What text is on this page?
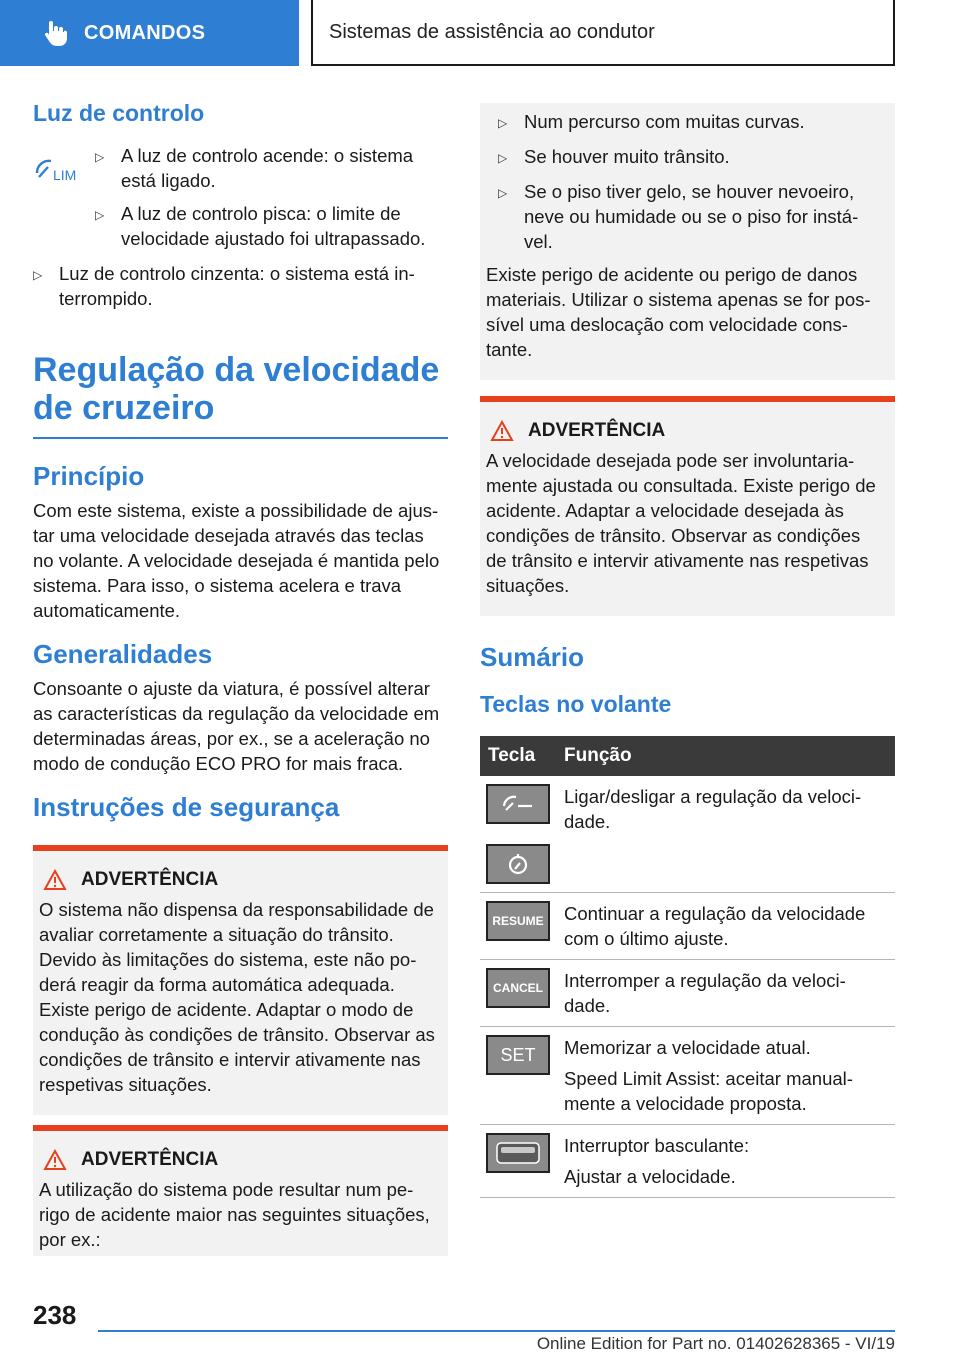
COMANDOS	Sistemas de assistência ao condutor
Luz de controlo
LIM
▷ A luz de controlo acende: o sistema está ligado.
▷ A luz de controlo pisca: o limite de velocidade ajustado foi ultrapassado.
▷ Luz de controlo cinzenta: o sistema está in-terrompido.
Regulação da velocidade de cruzeiro
Princípio
Com este sistema, existe a possibilidade de ajus-tar uma velocidade desejada através das teclas no volante. A velocidade desejada é mantida pelo sistema. Para isso, o sistema acelera e trava automaticamente.
Generalidades
Consoante o ajuste da viatura, é possível alterar as características da regulação da velocidade em determinadas áreas, por ex., se a aceleração no modo de condução ECO PRO for mais fraca.
Instruções de segurança
ADVERTÊNCIA
O sistema não dispensa da responsabilidade de avaliar corretamente a situação do trânsito. Devido às limitações do sistema, este não po-derá reagir da forma automática adequada. Existe perigo de acidente. Adaptar o modo de condução às condições de trânsito. Observar as condições de trânsito e intervir ativamente nas respetivas situações.
ADVERTÊNCIA
A utilização do sistema pode resultar num pe-rigo de acidente maior nas seguintes situações, por ex.:
▷ Num percurso com muitas curvas.
▷ Se houver muito trânsito.
▷ Se o piso tiver gelo, se houver nevoeiro, neve ou humidade ou se o piso for instá-vel.
Existe perigo de acidente ou perigo de danos materiais. Utilizar o sistema apenas se for pos-sível uma deslocação com velocidade cons-tante.
ADVERTÊNCIA
A velocidade desejada pode ser involuntaria-mente ajustada ou consultada. Existe perigo de acidente. Adaptar a velocidade desejada às condições de trânsito. Observar as condições de trânsito e intervir ativamente nas respetivas situações.
Sumário
Teclas no volante
Tecla	Função

Ligar/desligar a regulação da veloci-dade.

RESUME	Continuar a regulação da velocidade com o último ajuste.

CANCEL	Interromper a regulação da veloci-dade.

SET	Memorizar a velocidade atual.
Speed Limit Assist: aceitar manual-mente a velocidade proposta.

Interruptor basculante:
Ajustar a velocidade.
238
Online Edition for Part no. 01402628365 - VI/19
